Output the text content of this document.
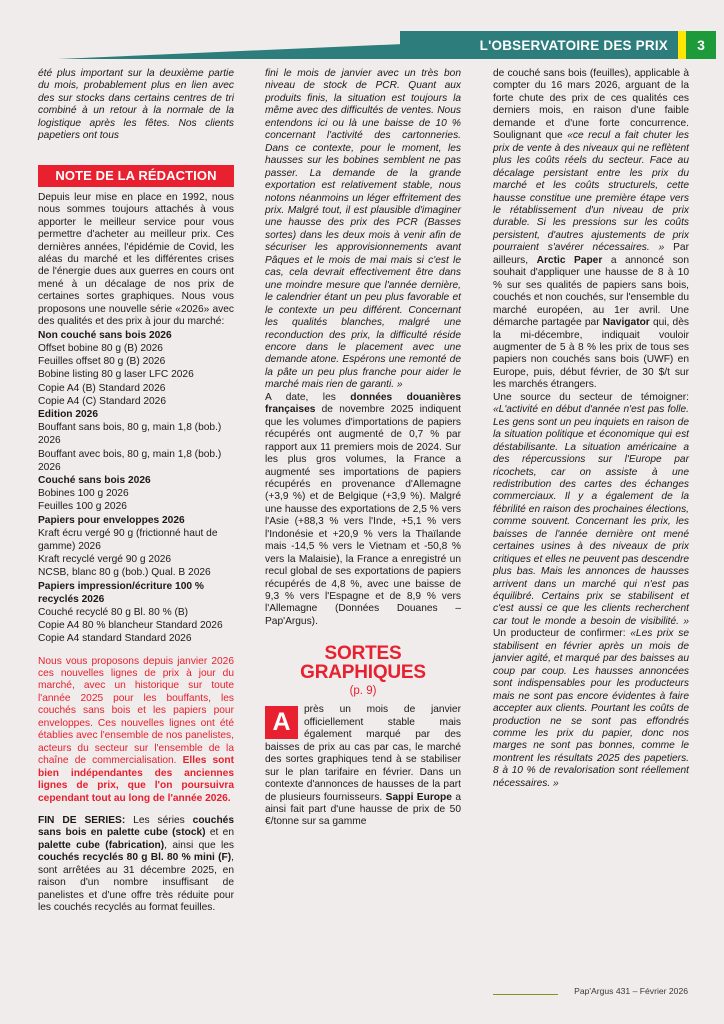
L'OBSERVATOIRE DES PRIX	3

été plus important sur la deuxième partie du mois, probablement plus en lien avec des sur stocks dans certains centres de tri combiné à un retour à la normale de la logistique après les fêtes. Nos clients papetiers ont tous

NOTE DE LA RÉDACTION

Depuis leur mise en place en 1992, nous nous sommes toujours attachés à vous apporter le meilleur service pour vous permettre d'acheter au meilleur prix. Ces dernières années, l'épidémie de Covid, les aléas du marché et les différentes crises de l'énergie dues aux guerres en cours ont mené à un décalage de nos prix de certaines sortes graphiques. Nous vous proposons une nouvelle série «2026» avec des qualités et des prix à jour du marché:

Non couché sans bois 2026
Offset bobine 80 g (B) 2026
Feuilles offset 80 g (B) 2026
Bobine listing 80 g laser LFC 2026
Copie A4 (B) Standard 2026
Copie A4 (C) Standard 2026
Edition 2026
Bouffant sans bois, 80 g, main 1,8 (bob.) 2026
Bouffant avec bois, 80 g, main 1,8 (bob.) 2026
Couché sans bois 2026
Bobines 100 g 2026
Feuilles 100 g 2026
Papiers pour enveloppes 2026
Kraft écru vergé 90 g (frictionné haut de gamme) 2026
Kraft recyclé vergé 90 g 2026
NCSB, blanc 80 g (bob.) Qual. B 2026
Papiers impression/écriture 100 % recyclés 2026
Couché recyclé 80 g Bl. 80 % (B)
Copie A4 80 % blancheur Standard 2026
Copie A4 standard Standard 2026

Nous vous proposons depuis janvier 2026 ces nouvelles lignes de prix à jour du marché, avec un historique sur toute l'année 2025 pour les bouffants, les couchés sans bois et les papiers pour enveloppes. Ces nouvelles lignes ont été établies avec l'ensemble de nos panelistes, acteurs du secteur sur l'ensemble de la chaîne de commercialisation. Elles sont bien indépendantes des anciennes lignes de prix, que l'on poursuivra cependant tout au long de l'année 2026.

FIN DE SERIES: Les séries couchés sans bois en palette cube (stock) et en palette cube (fabrication), ainsi que les couchés recyclés 80 g Bl. 80 % mini (F), sont arrêtées au 31 décembre 2025, en raison d'un nombre insuffisant de panelistes et d'une offre très réduite pour les couchés recyclés au format feuilles.

fini le mois de janvier avec un très bon niveau de stock de PCR. Quant aux produits finis, la situation est toujours la même avec des difficultés de ventes. Nous entendons ici ou là une baisse de 10 % concernant l'activité des cartonneries. Dans ce contexte, pour le moment, les hausses sur les bobines semblent ne pas passer. La demande de la grande exportation est relativement stable, nous notons néanmoins un léger effritement des prix. Malgré tout, il est plausible d'imaginer une hausse des prix des PCR (Basses sortes) dans les deux mois à venir afin de sécuriser les approvisionnements avant Pâques et le mois de mai mais si c'est le cas, cela devrait effectivement être dans une moindre mesure que l'année dernière, le calendrier étant un peu plus favorable et le contexte un peu différent. Concernant les qualités blanches, malgré une reconduction des prix, la difficulté réside encore dans le placement avec une demande atone. Espérons une remonté de la pâte un peu plus franche pour aider le marché mais rien de garanti. »

A date, les données douanières françaises de novembre 2025 indiquent que les volumes d'importations de papiers récupérés ont augmenté de 0,7 % par rapport aux 11 premiers mois de 2024. Sur les plus gros volumes, la France a augmenté ses importations de papiers récupérés en provenance d'Allemagne (+3,9 %) et de Belgique (+3,9 %). Malgré une hausse des exportations de 2,5 % vers l'Asie (+88,3 % vers l'Inde, +5,1 % vers l'Indonésie et +20,9 % vers la Thaïlande mais -14,5 % vers le Vietnam et -50,8 % vers la Malaisie), la France a enregistré un recul global de ses exportations de papiers récupérés de 4,8 %, avec une baisse de 9,3 % vers l'Espagne et de 8,9 % vers l'Allemagne (Données Douanes – Pap'Argus).

SORTES
GRAPHIQUES
(p. 9)
A	près un mois de janvier officiellement stable mais également marqué par des baisses de prix au cas par cas, le marché des sortes graphiques tend à se stabiliser sur le plan tarifaire en février. Dans un contexte d'annonces de hausses de la part de plusieurs fournisseurs. Sappi Europe a ainsi fait part d'une hausse de prix de 50 €/tonne sur sa gamme

de couché sans bois (feuilles), applicable à compter du 16 mars 2026, arguant de la forte chute des prix de ces qualités ces derniers mois, en raison d'une faible demande et d'une forte concurrence. Soulignant que «ce recul a fait chuter les prix de vente à des niveaux qui ne reflètent plus les coûts réels du secteur. Face au décalage persistant entre les prix du marché et les coûts structurels, cette hausse constitue une première étape vers le rétablissement d'un niveau de prix durable. Si les pressions sur les coûts persistent, d'autres ajustements de prix pourraient s'avérer nécessaires. » Par ailleurs, Arctic Paper a annoncé son souhait d'appliquer une hausse de 8 à 10 % sur ses qualités de papiers sans bois, couchés et non couchés, sur l'ensemble du marché européen, au 1er avril. Une démarche partagée par Navigator qui, dès la mi-décembre, indiquait vouloir augmenter de 5 à 8 % les prix de tous ses papiers non couchés sans bois (UWF) en Europe, puis, début février, de 30 $/t sur les marchés étrangers.

Une source du secteur de témoigner: «L'activité en début d'année n'est pas folle. Les gens sont un peu inquiets en raison de la situation politique et économique qui est déstabilisante. La situation américaine a des répercussions sur l'Europe par ricochets, car on assiste à une redistribution des cartes des échanges commerciaux. Il y a également de la fébrilité en raison des prochaines élections, comme souvent. Concernant les prix, les baisses de l'année dernière ont mené certaines usines à des niveaux de prix critiques et elles ne peuvent pas descendre plus bas. Mais les annonces de hausses arrivent dans un marché qui n'est pas équilibré. Certains prix se stabilisent et c'est aussi ce que les clients recherchent car tout le monde a besoin de visibilité. » Un producteur de confirmer: «Les prix se stabilisent en février après un mois de janvier agité, et marqué par des baisses au coup par coup. Les hausses annoncées sont indispensables pour les producteurs mais ne sont pas encore évidentes à faire accepter aux clients. Pourtant les coûts de production ne se sont pas effondrés comme les prix du papier, donc nos marges ne sont pas bonnes, comme le montrent les résultats 2025 des papetiers. 8 à 10 % de revalorisation sont réellement nécessaires. »

Pap'Argus 431 – Février 2026
